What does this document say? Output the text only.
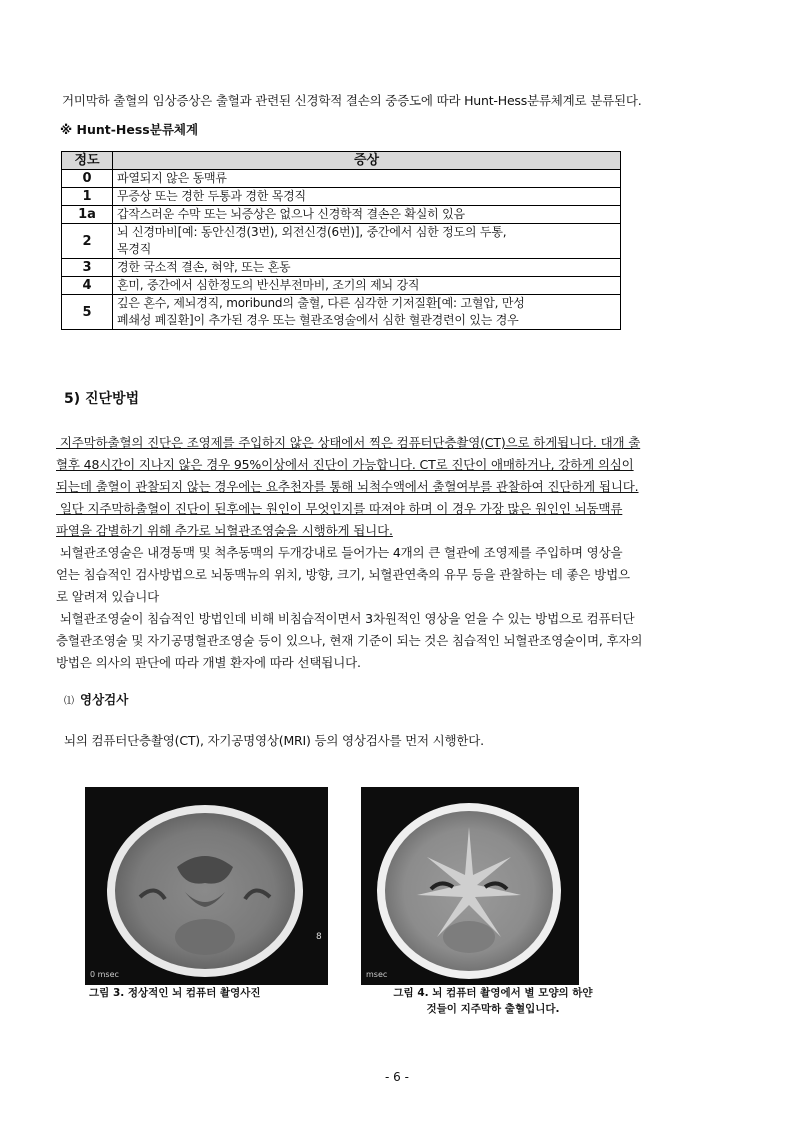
거미막하 출혈의 임상증상은 출혈과 관련된 신경학적 결손의 중증도에 따라 Hunt-Hess분류체계로 분류된다.
※ Hunt-Hess분류체계
정도	증상
0	파열되지 않은 동맥류

1	무증상 또는 경한 두통과 경한 목경직

1a	갑작스러운 수막 또는 뇌증상은 없으나 신경학적 결손은 확실히 있음

2	뇌 신경마비[예: 동안신경(3번), 외전신경(6번)], 중간에서 심한 정도의 두통,
목경직

3	경한 국소적 결손, 혀약, 또는 혼동

4	혼미, 중간에서 심한정도의 반신부전마비, 조기의 제뇌 강직

5	깊은 혼수, 제뇌경직, moribund의 출혈, 다른 심각한 기저질환[예: 고혈압, 만성
폐쇄성 폐질환]이 추가된 경우 또는 혈관조영술에서 심한 혈관경련이 있는 경우
5) 진단방법
지주막하출혈의 진단은 조영제를 주입하지 않은 상태에서 찍은 컴퓨터단층촬영(CT)으로 하게됩니다. 대개 출
혈후 48시간이 지나지 않은 경우 95%이상에서 진단이 가능합니다. CT로 진단이 애매하거나, 강하게 의심이
되는데 출혈이 관찰되지 않는 경우에는 요추천자를 통해 뇌척수액에서 출혈여부를 관찰하여 진단하게 됩니다.
일단 지주막하출혈이 진단이 된후에는 원인이 무엇인지를 따져야 하며 이 경우 가장 많은 원인인 뇌동맥류
파열을 감별하기 위해 추가로 뇌혈관조영술을 시행하게 됩니다.
뇌혈관조영술은 내경동맥 및 척추동맥의 두개강내로 들어가는 4개의 큰 혈관에 조영제를 주입하며 영상을
얻는 침습적인 검사방법으로 뇌동맥뉴의 위치, 방향, 크기, 뇌혈관연축의 유무 등을 관찰하는 데 좋은 방법으
로 알려져 있습니다
뇌혈관조영술이 침습적인 방법인데 비해 비침습적이면서 3차원적인 영상을 얻을 수 있는 방법으로 컴퓨터단
층혈관조영술 및 자기공명혈관조영술 등이 있으나, 현재 기준이 되는 것은 침습적인 뇌혈관조영술이며, 후자의
방법은 의사의 판단에 따라 개별 환자에 따라 선택됩니다.
⑴ 영상검사
뇌의 컴퓨터단층촬영(CT), 자기공명영상(MRI) 등의 영상검사를 먼저 시행한다.
0 msec
8
msec
그림 3. 정상적인 뇌 컴퓨터 촬영사진	그림 4. 뇌 컴퓨터 촬영에서 별 모양의 하얀
것들이 지주막하 출혈입니다.
- 6 -
